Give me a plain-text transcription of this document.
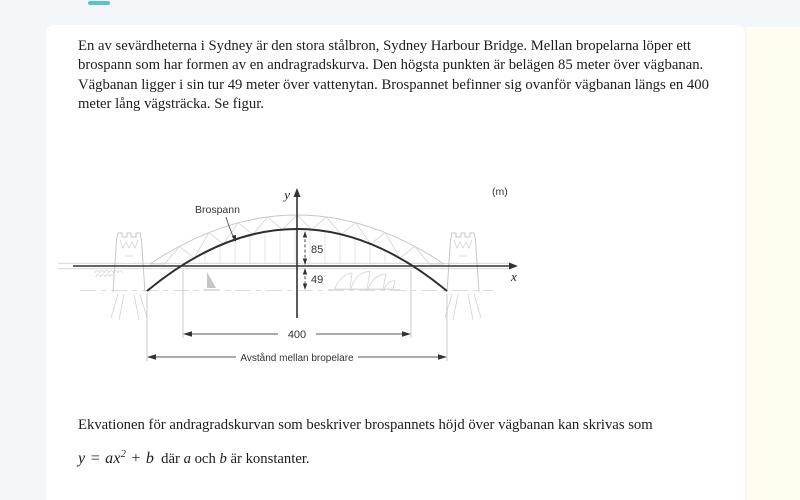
En av sevärdheterna i Sydney är den stora stålbron, Sydney Harbour Bridge. Mellan bropelarna löper ett brospann som har formen av en andragradskurva. Den högsta punkten är belägen 85 meter över vägbanan. Vägbanan ligger i sin tur 49 meter över vattenytan. Brospannet befinner sig ovanför vägbanan längs en 400 meter lång vägsträcka. Se figur.

y
x
(m)
Brospann
85
49
400
Avstånd mellan bropelare

Ekvationen för andragradskurvan som beskriver brospannets höjd över vägbanan kan skrivas som

$y = ax^2 + b$ där a och b är konstanter.
